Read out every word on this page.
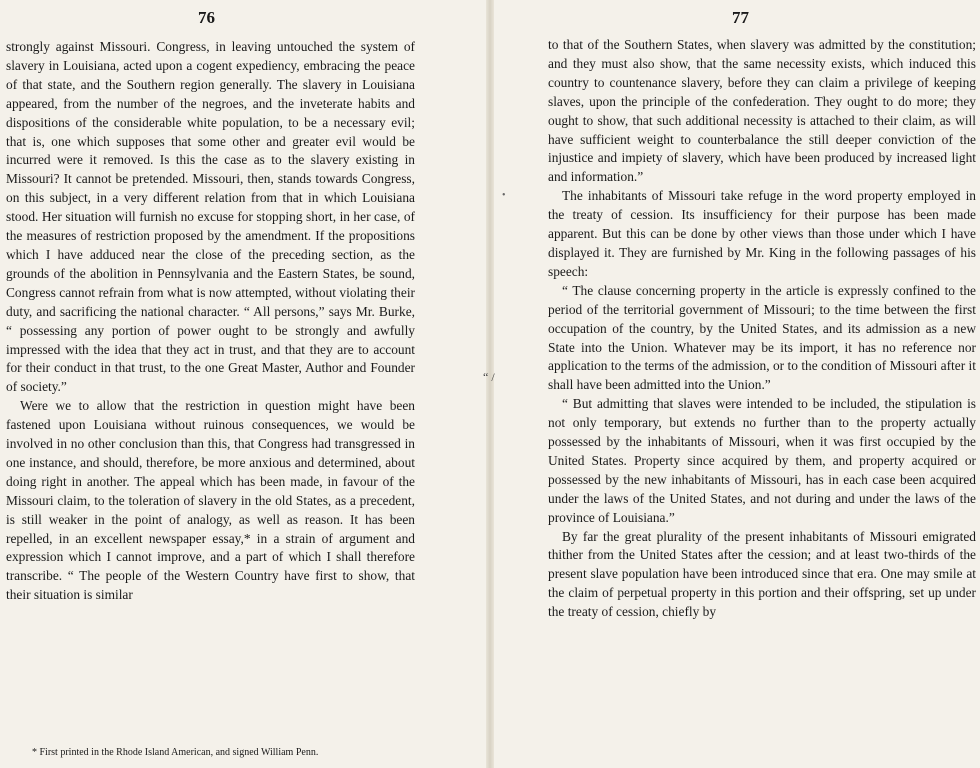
76

strongly against Missouri. Congress, in leaving untouched the system of slavery in Louisiana, acted upon a cogent expediency, embracing the peace of that state, and the Southern region generally. The slavery in Louisiana appeared, from the number of the negroes, and the inveterate habits and dispositions of the considerable white population, to be a necessary evil; that is, one which supposes that some other and greater evil would be incurred were it removed. Is this the case as to the slavery existing in Missouri? It cannot be pretended. Missouri, then, stands towards Congress, on this subject, in a very different relation from that in which Louisiana stood. Her situation will furnish no excuse for stopping short, in her case, of the measures of restriction proposed by the amendment. If the propositions which I have adduced near the close of the preceding section, as the grounds of the abolition in Pennsylvania and the Eastern States, be sound, Congress cannot refrain from what is now attempted, without violating their duty, and sacrificing the national character. “ All persons,” says Mr. Burke, “ possessing any portion of power ought to be strongly and awfully impressed with the idea that they act in trust, and that they are to account for their conduct in that trust, to the one Great Master, Author and Founder of society.”

Were we to allow that the restriction in question might have been fastened upon Louisiana without ruinous consequences, we would be involved in no other conclusion than this, that Congress had transgressed in one instance, and should, therefore, be more anxious and determined, about doing right in another. The appeal which has been made, in favour of the Missouri claim, to the toleration of slavery in the old States, as a precedent, is still weaker in the point of analogy, as well as reason. It has been repelled, in an excellent newspaper essay,* in a strain of argument and expression which I cannot improve, and a part of which I shall therefore transcribe. “ The people of the Western Country have first to show, that their situation is similar

* First printed in the Rhode Island American, and signed William Penn.
“ /
•
77

to that of the Southern States, when slavery was admitted by the constitution; and they must also show, that the same necessity exists, which induced this country to countenance slavery, before they can claim a privilege of keeping slaves, upon the principle of the confederation. They ought to do more; they ought to show, that such additional necessity is attached to their claim, as will have sufficient weight to counterbalance the still deeper conviction of the injustice and impiety of slavery, which have been produced by increased light and information.”

The inhabitants of Missouri take refuge in the word property employed in the treaty of cession. Its insufficiency for their purpose has been made apparent. But this can be done by other views than those under which I have displayed it. They are furnished by Mr. King in the following passages of his speech:

“ The clause concerning property in the article is expressly confined to the period of the territorial government of Missouri; to the time between the first occupation of the country, by the United States, and its admission as a new State into the Union. Whatever may be its import, it has no reference nor application to the terms of the admission, or to the condition of Missouri after it shall have been admitted into the Union.”

“ But admitting that slaves were intended to be included, the stipulation is not only temporary, but extends no further than to the property actually possessed by the inhabitants of Missouri, when it was first occupied by the United States. Property since acquired by them, and property acquired or possessed by the new inhabitants of Missouri, has in each case been acquired under the laws of the United States, and not during and under the laws of the province of Louisiana.”

By far the great plurality of the present inhabitants of Missouri emigrated thither from the United States after the cession; and at least two-thirds of the present slave population have been introduced since that era. One may smile at the claim of perpetual property in this portion and their offspring, set up under the treaty of cession, chiefly by
